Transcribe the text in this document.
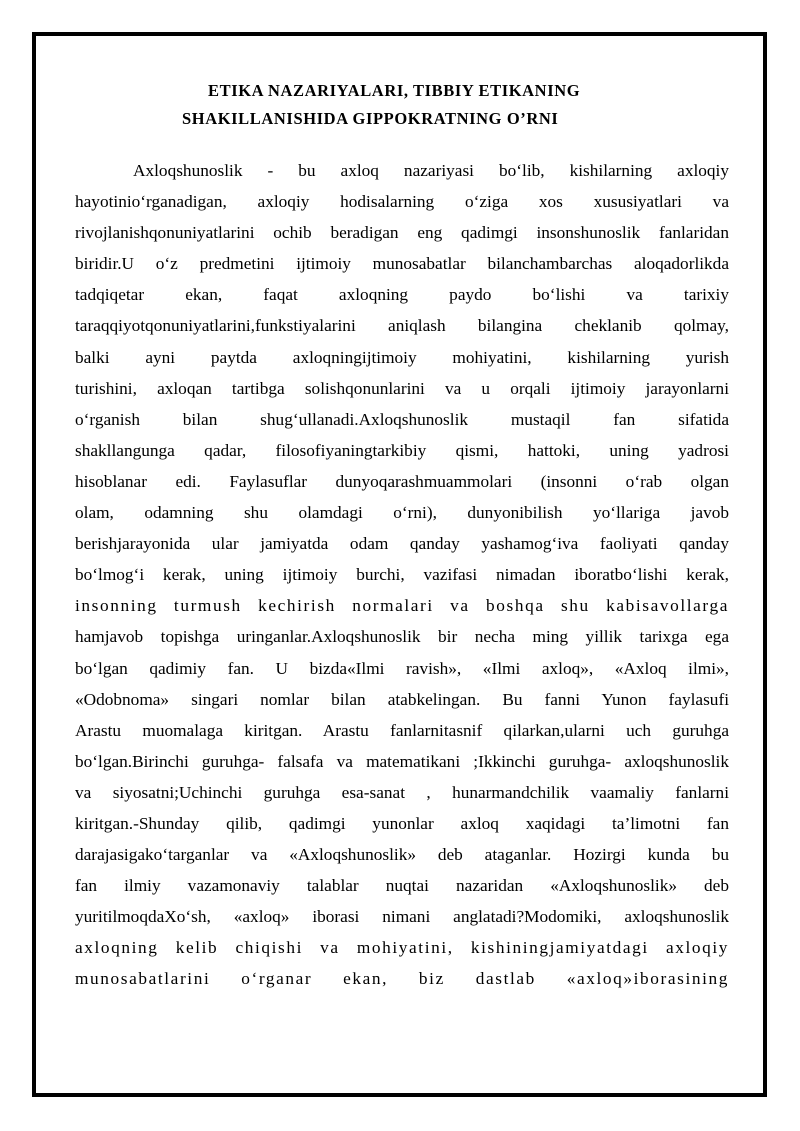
ETIKA NAZARIYALARI, TIBBIY ETIKANING
SHAKILLANISHIDA GIPPOKRATNING O’RNI

Axloqshunoslik - bu axloq nazariyasi bo‘lib, kishilarning axloqiy
hayotinio‘rganadigan, axloqiy hodisalarning o‘ziga xos xususiyatlari va
rivojlanishqonuniyatlarini ochib beradigan eng qadimgi insonshunoslik fanlaridan
biridir.U o‘z predmetini ijtimoiy munosabatlar bilanchambarchas aloqadorlikda
tadqiqetar ekan, faqat axloqning paydo bo‘lishi va tarixiy
taraqqiyotqonuniyatlarini,funkstiyalarini aniqlash bilangina cheklanib qolmay,
balki ayni paytda axloqningijtimoiy mohiyatini, kishilarning yurish
turishini, axloqan tartibga solishqonunlarini va u orqali ijtimoiy jarayonlarni
o‘rganish bilan shug‘ullanadi.Axloqshunoslik mustaqil fan sifatida
shakllangunga qadar, filosofiyaningtarkibiy qismi, hattoki, uning yadrosi
hisoblanar edi. Faylasuflar dunyoqarashmuammolari (insonni o‘rab olgan
olam, odamning shu olamdagi o‘rni), dunyonibilish yo‘llariga javob
berishjarayonida ular jamiyatda odam qanday yashamog‘iva faoliyati qanday
bo‘lmog‘i kerak, uning ijtimoiy burchi, vazifasi nimadan iboratbo‘lishi kerak,
insonning turmush kechirish normalari va boshqa shu kabisavollarga
hamjavob topishga uringanlar.Axloqshunoslik bir necha ming yillik tarixga ega
bo‘lgan qadimiy fan. U bizda«Ilmi ravish», «Ilmi axloq», «Axloq ilmi»,
«Odobnoma» singari nomlar bilan atabkelingan. Bu fanni Yunon faylasufi
Arastu muomalaga kiritgan. Arastu fanlarnitasnif qilarkan,ularni uch guruhga
bo‘lgan.Birinchi guruhga- falsafa va matematikani ;Ikkinchi guruhga- axloqshunoslik
va siyosatni;Uchinchi guruhga esa-sanat , hunarmandchilik vaamaliy fanlarni
kiritgan.-Shunday qilib, qadimgi yunonlar axloq xaqidagi ta’limotni fan
darajasigako‘targanlar va «Axloqshunoslik» deb ataganlar. Hozirgi kunda bu
fan ilmiy vazamonaviy talablar nuqtai nazaridan «Axloqshunoslik» deb
yuritilmoqdaXo‘sh, «axloq» iborasi nimani anglatadi?Modomiki, axloqshunoslik
axloqning kelib chiqishi va mohiyatini, kishiningjamiyatdagi axloqiy
munosabatlarini o‘rganar ekan, biz dastlab «axloq»iborasining
